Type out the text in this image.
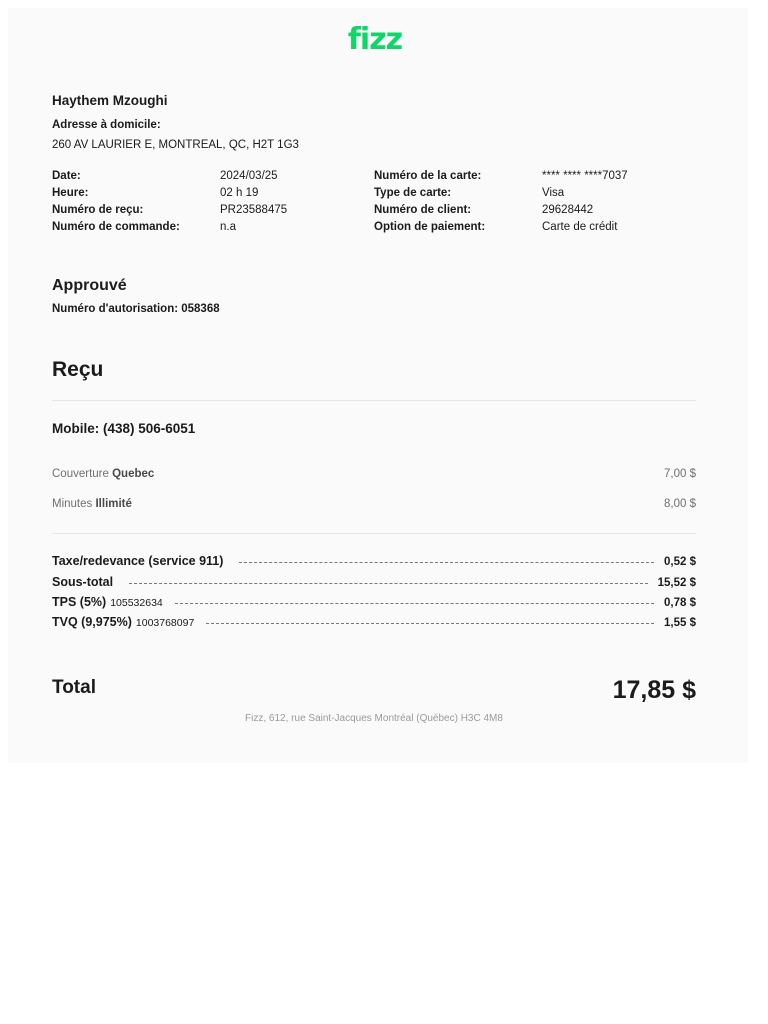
fizz
Haythem Mzoughi
Adresse à domicile:
260 AV LAURIER E, MONTREAL, QC, H2T 1G3
Date:	2024/03/25	Numéro de la carte:	**** **** ****7037
Heure:	02 h 19	Type de carte:	Visa
Numéro de reçu:	PR23588475	Numéro de client:	29628442
Numéro de commande:	n.a	Option de paiement:	Carte de crédit
Approuvé
Numéro d'autorisation: 058368
Reçu
Mobile: (438) 506-6051
Couverture Quebec	7,00 $
Minutes Illimité	8,00 $
Taxe/redevance (service 911)	0,52 $
Sous-total	15,52 $
TPS (5%) 105532634	0,78 $
TVQ (9,975%) 1003768097	1,55 $
Total	17,85 $
Fizz, 612, rue Saint-Jacques Montréal (Québec) H3C 4M8
